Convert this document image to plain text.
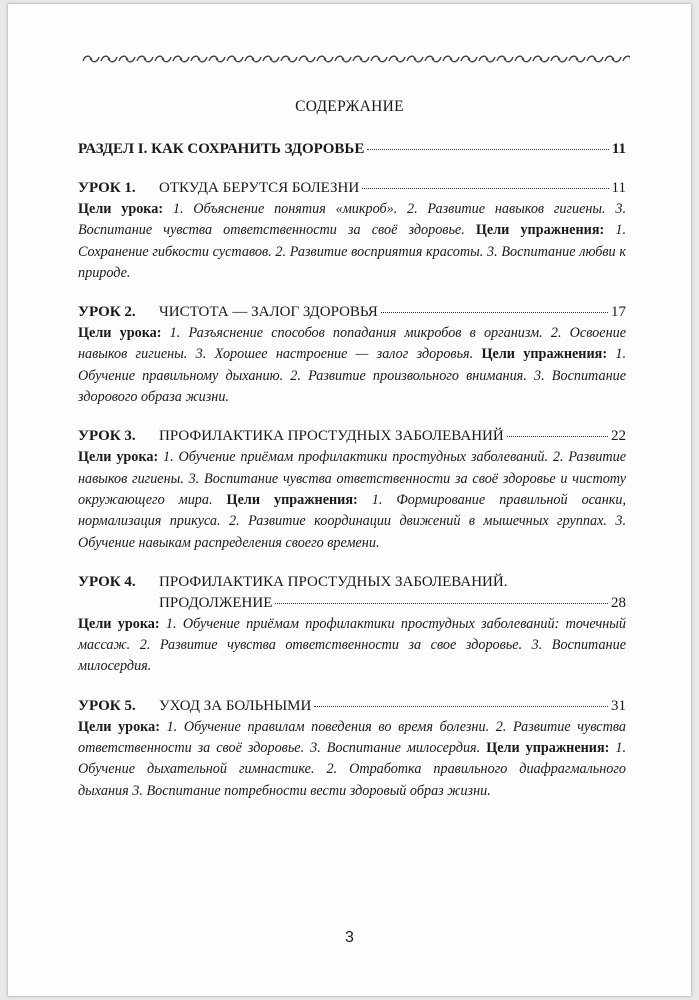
СОДЕРЖАНИЕ
РАЗДЕЛ I. КАК СОХРАНИТЬ ЗДОРОВЬЕ	11
УРОК 1.	ОТКУДА БЕРУТСЯ БОЛЕЗНИ	11
Цели урока: 1. Объяснение понятия «микроб». 2. Развитие навыков гигиены. 3. Воспитание чувства ответственности за своё здоровье. Цели упражнения: 1. Сохранение гибкости суставов. 2. Развитие восприятия красоты. 3. Воспитание любви к природе.
УРОК 2.	ЧИСТОТА — ЗАЛОГ ЗДОРОВЬЯ	17
Цели урока: 1. Разъяснение способов попадания микробов в организм. 2. Освоение навыков гигиены. 3. Хорошее настроение — залог здоровья. Цели упражнения: 1. Обучение правильному дыханию. 2. Развитие произвольного внимания. 3. Воспитание здорового образа жизни.
УРОК 3.	ПРОФИЛАКТИКА ПРОСТУДНЫХ ЗАБОЛЕВАНИЙ	22
Цели урока: 1. Обучение приёмам профилактики простудных заболеваний. 2. Развитие навыков гигиены. 3. Воспитание чувства ответственности за своё здоровье и чистоту окружающего мира. Цели упражнения: 1. Формирование правильной осанки, нормализация прикуса. 2. Развитие координации движений в мышечных группах. 3. Обучение навыкам распределения своего времени.
УРОК 4.	ПРОФИЛАКТИКА ПРОСТУДНЫХ ЗАБОЛЕВАНИЙ.
ПРОДОЛЖЕНИЕ	28
Цели урока: 1. Обучение приёмам профилактики простудных заболеваний: точечный массаж. 2. Развитие чувства ответственности за свое здоровье. 3. Воспитание милосердия.
УРОК 5.	УХОД ЗА БОЛЬНЫМИ	31
Цели урока: 1. Обучение правилам поведения во время болезни. 2. Развитие чувства ответственности за своё здоровье. 3. Воспитание милосердия. Цели упражнения: 1. Обучение дыхательной гимнастике. 2. Отработка правильного диафрагмального дыхания 3. Воспитание потребности вести здоровый образ жизни.
3
